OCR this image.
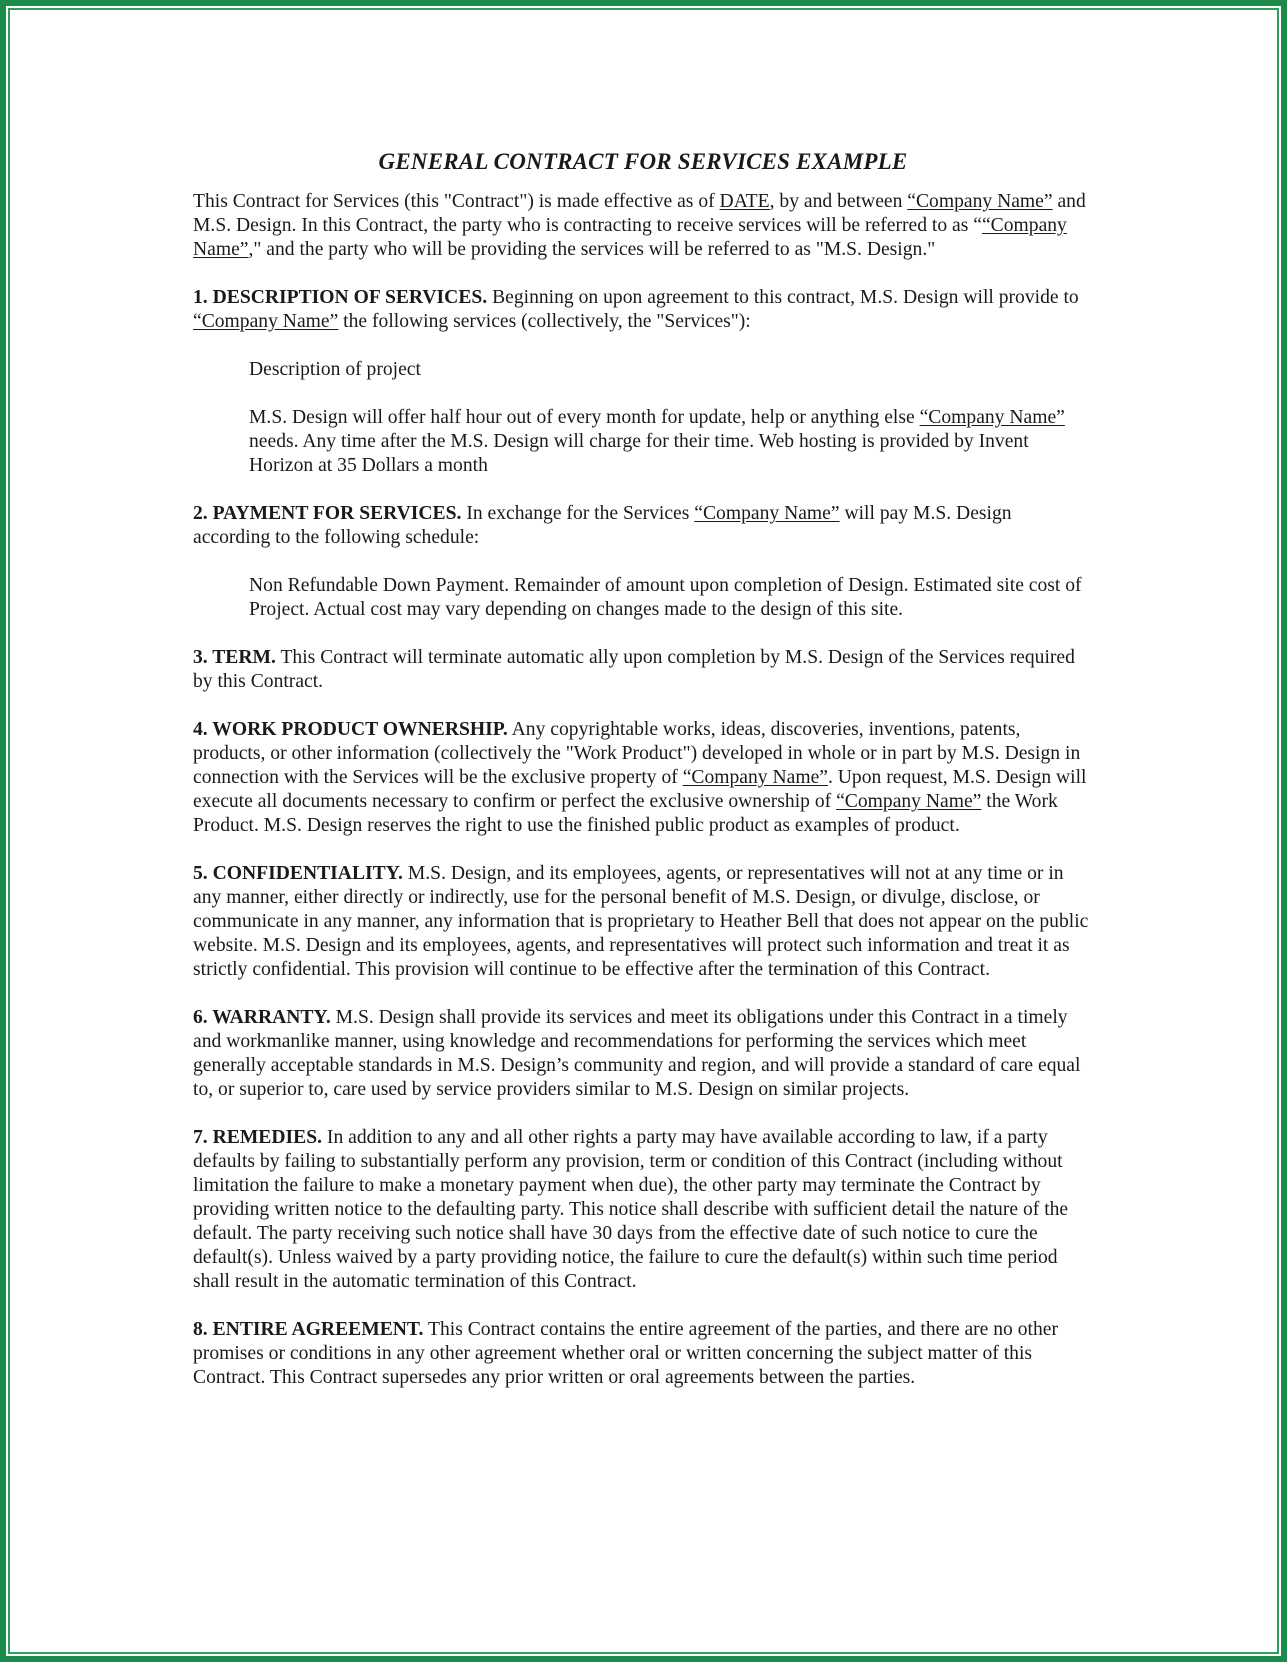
GENERAL CONTRACT FOR SERVICES EXAMPLE

This Contract for Services (this "Contract") is made effective as of DATE, by and between “Company Name” and M.S. Design. In this Contract, the party who is contracting to receive services will be referred to as ““Company Name”," and the party who will be providing the services will be referred to as "M.S. Design."

1. DESCRIPTION OF SERVICES. Beginning on upon agreement to this contract, M.S. Design will provide to “Company Name” the following services (collectively, the "Services"):

Description of project

M.S. Design will offer half hour out of every month for update, help or anything else “Company Name” needs. Any time after the M.S. Design will charge for their time. Web hosting is provided by Invent Horizon at 35 Dollars a month

2. PAYMENT FOR SERVICES. In exchange for the Services “Company Name” will pay M.S. Design according to the following schedule:

Non Refundable Down Payment. Remainder of amount upon completion of Design. Estimated site cost of Project. Actual cost may vary depending on changes made to the design of this site.

3. TERM. This Contract will terminate automatic ally upon completion by M.S. Design of the Services required by this Contract.

4. WORK PRODUCT OWNERSHIP. Any copyrightable works, ideas, discoveries, inventions, patents, products, or other information (collectively the "Work Product") developed in whole or in part by M.S. Design in connection with the Services will be the exclusive property of “Company Name”. Upon request, M.S. Design will execute all documents necessary to confirm or perfect the exclusive ownership of “Company Name” the Work Product. M.S. Design reserves the right to use the finished public product as examples of product.

5. CONFIDENTIALITY. M.S. Design, and its employees, agents, or representatives will not at any time or in any manner, either directly or indirectly, use for the personal benefit of M.S. Design, or divulge, disclose, or communicate in any manner, any information that is proprietary to Heather Bell that does not appear on the public website. M.S. Design and its employees, agents, and representatives will protect such information and treat it as strictly confidential. This provision will continue to be effective after the termination of this Contract.

6. WARRANTY. M.S. Design shall provide its services and meet its obligations under this Contract in a timely and workmanlike manner, using knowledge and recommendations for performing the services which meet generally acceptable standards in M.S. Design’s community and region, and will provide a standard of care equal to, or superior to, care used by service providers similar to M.S. Design on similar projects.

7. REMEDIES. In addition to any and all other rights a party may have available according to law, if a party defaults by failing to substantially perform any provision, term or condition of this Contract (including without limitation the failure to make a monetary payment when due), the other party may terminate the Contract by providing written notice to the defaulting party. This notice shall describe with sufficient detail the nature of the default. The party receiving such notice shall have 30 days from the effective date of such notice to cure the default(s). Unless waived by a party providing notice, the failure to cure the default(s) within such time period shall result in the automatic termination of this Contract.

8. ENTIRE AGREEMENT. This Contract contains the entire agreement of the parties, and there are no other promises or conditions in any other agreement whether oral or written concerning the subject matter of this Contract. This Contract supersedes any prior written or oral agreements between the parties.
